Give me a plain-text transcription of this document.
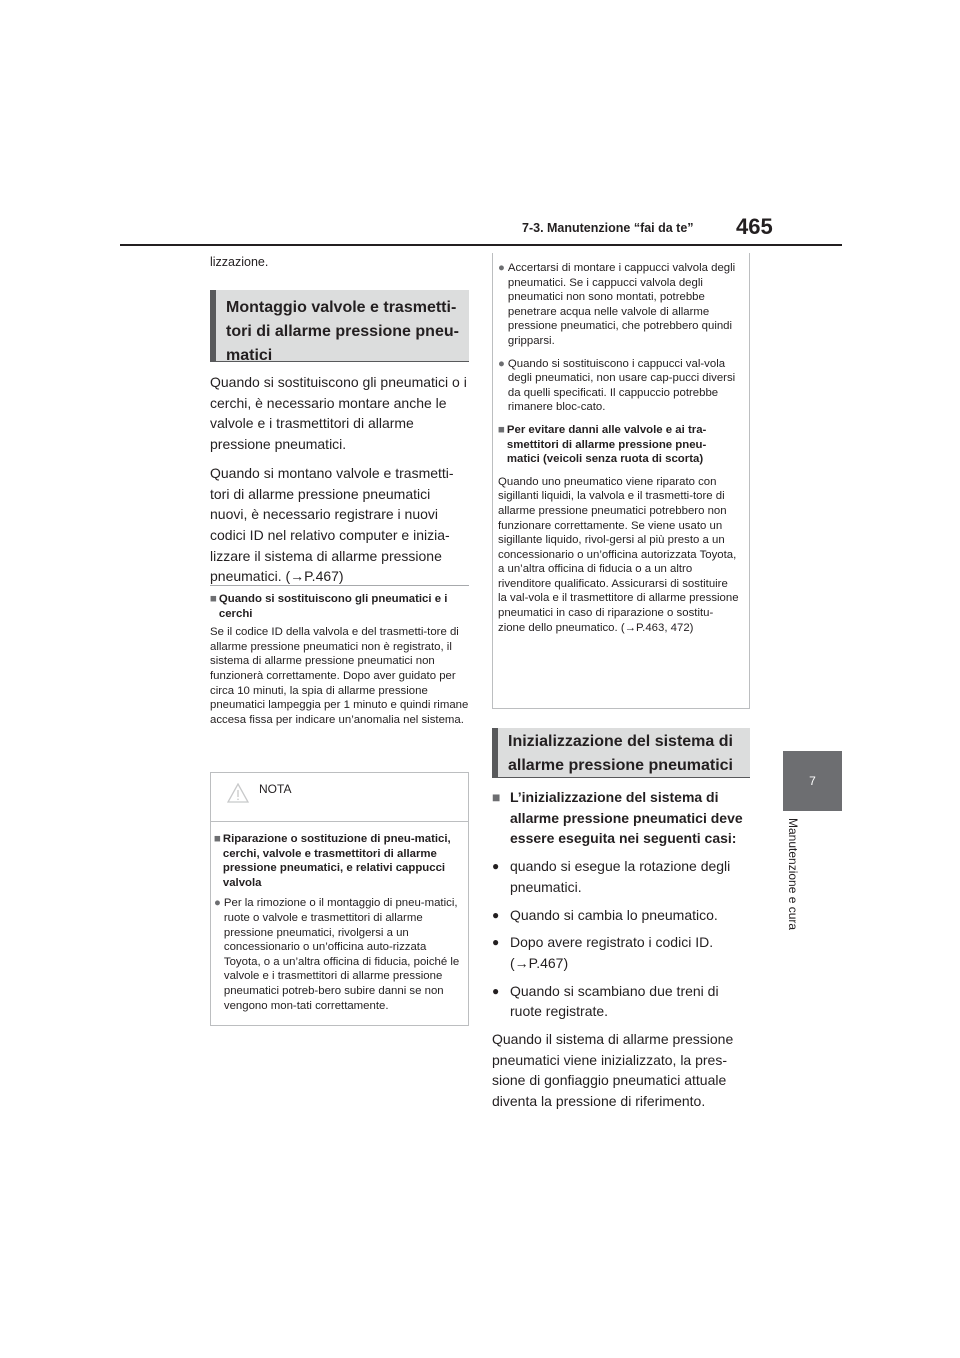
7-3. Manutenzione “fai da te” 465
7
Manutenzione e cura
lizzazione.
Montaggio valvole e trasmetti-tori di allarme pressione pneu-matici

Quando si sostituiscono gli pneumatici o i cerchi, è necessario montare anche le valvole e i trasmettitori di allarme pressione pneumatici.

Quando si montano valvole e trasmetti-tori di allarme pressione pneumatici nuovi, è necessario registrare i nuovi codici ID nel relativo computer e inizia-lizzare il sistema di allarme pressione pneumatici. (→P.467)

■ Quando si sostituiscono gli pneumatici e i cerchi
Se il codice ID della valvola e del trasmetti-tore di allarme pressione pneumatici non è registrato, il sistema di allarme pressione pneumatici non funzionerà correttamente. Dopo aver guidato per circa 10 minuti, la spia di allarme pressione pneumatici lampeggia per 1 minuto e quindi rimane accesa fissa per indicare un’anomalia nel sistema.
NOTA
■ Riparazione o sostituzione di pneu-matici, cerchi, valvole e trasmettitori di allarme pressione pneumatici, e relativi cappucci valvola
● Per la rimozione o il montaggio di pneu-matici, ruote o valvole e trasmettitori di allarme pressione pneumatici, rivolgersi a un concessionario o un’officina auto-rizzata Toyota, o a un’altra officina di fiducia, poiché le valvole e i trasmettitori di allarme pressione pneumatici potreb-bero subire danni se non vengono mon-tati correttamente.
● Accertarsi di montare i cappucci valvola degli pneumatici. Se i cappucci valvola degli pneumatici non sono montati, potrebbe penetrare acqua nelle valvole di allarme pressione pneumatici, che potrebbero quindi gripparsi.
● Quando si sostituiscono i cappucci val-vola degli pneumatici, non usare cap-pucci diversi da quelli specificati. Il cappuccio potrebbe rimanere bloc-cato.
■ Per evitare danni alle valvole e ai tra-smettitori di allarme pressione pneu-matici (veicoli senza ruota di scorta)
Quando uno pneumatico viene riparato con sigillanti liquidi, la valvola e il trasmetti-tore di allarme pressione pneumatici potrebbero non funzionare correttamente. Se viene usato un sigillante liquido, rivol-gersi al più presto a un concessionario o un’officina autorizzata Toyota, a un’altra officina di fiducia o a un altro rivenditore qualificato. Assicurarsi di sostituire la val-vola e il trasmettitore di allarme pressione pneumatici in caso di riparazione o sostitu-zione dello pneumatico. (→P.463, 472)
Inizializzazione del sistema di allarme pressione pneumatici
■ L’inizializzazione del sistema di allarme pressione pneumatici deve essere eseguita nei seguenti casi:
● quando si esegue la rotazione degli pneumatici.
● Quando si cambia lo pneumatico.
● Dopo avere registrato i codici ID. (→P.467)
● Quando si scambiano due treni di ruote registrate.
Quando il sistema di allarme pressione pneumatici viene inizializzato, la pres-sione di gonfiaggio pneumatici attuale diventa la pressione di riferimento.
